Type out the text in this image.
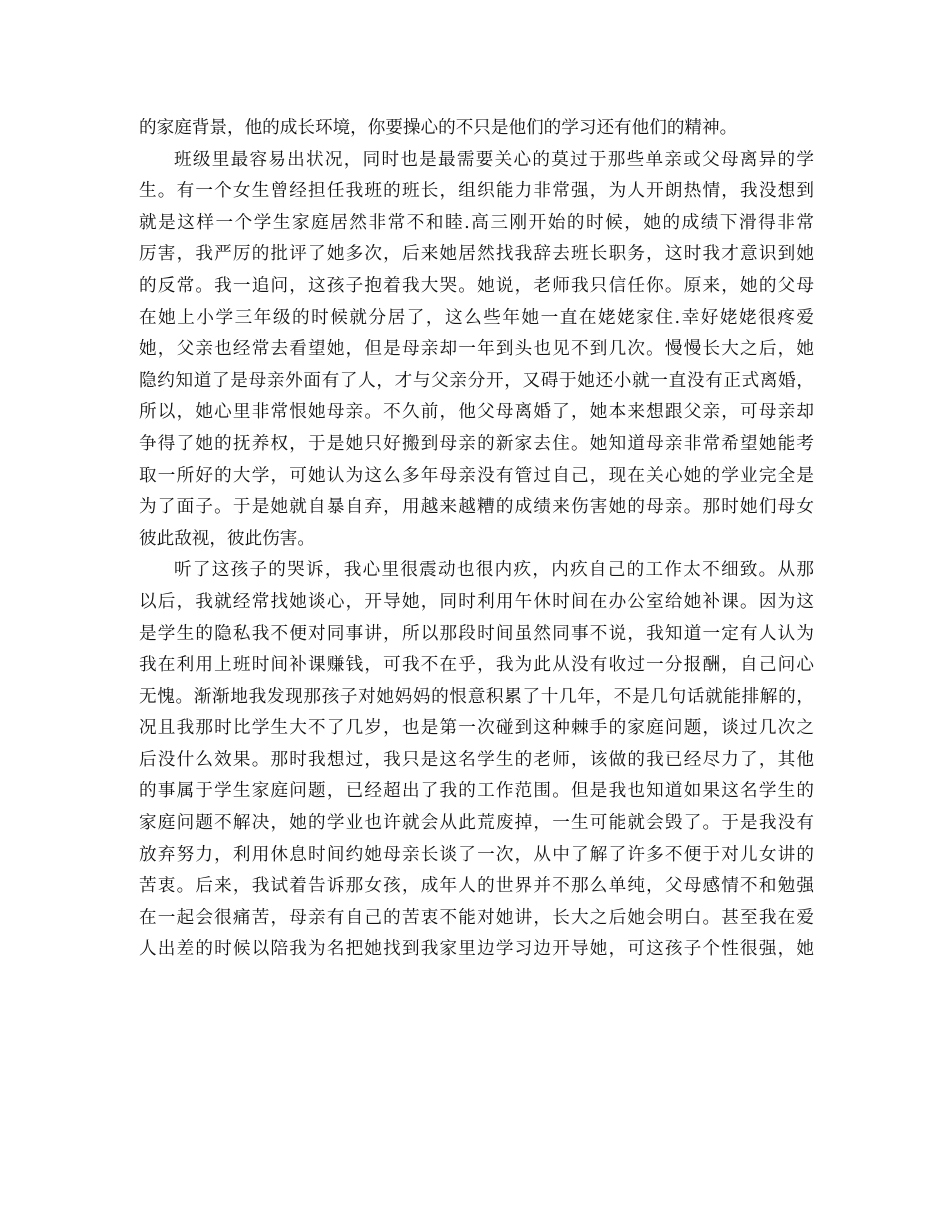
的家庭背景，他的成长环境，你要操心的不只是他们的学习还有他们的精神。
班级里最容易出状况，同时也是最需要关心的莫过于那些单亲或父母离异的学
生。有一个女生曾经担任我班的班长，组织能力非常强，为人开朗热情，我没想到
就是这样一个学生家庭居然非常不和睦.高三刚开始的时候，她的成绩下滑得非常
厉害，我严厉的批评了她多次，后来她居然找我辞去班长职务，这时我才意识到她
的反常。我一追问，这孩子抱着我大哭。她说，老师我只信任你。原来，她的父母
在她上小学三年级的时候就分居了，这么些年她一直在姥姥家住.幸好姥姥很疼爱
她，父亲也经常去看望她，但是母亲却一年到头也见不到几次。慢慢长大之后，她
隐约知道了是母亲外面有了人，才与父亲分开，又碍于她还小就一直没有正式离婚，
所以，她心里非常恨她母亲。不久前，他父母离婚了，她本来想跟父亲，可母亲却
争得了她的抚养权，于是她只好搬到母亲的新家去住。她知道母亲非常希望她能考
取一所好的大学，可她认为这么多年母亲没有管过自己，现在关心她的学业完全是
为了面子。于是她就自暴自弃，用越来越糟的成绩来伤害她的母亲。那时她们母女
彼此敌视，彼此伤害。
听了这孩子的哭诉，我心里很震动也很内疚，内疚自己的工作太不细致。从那
以后，我就经常找她谈心，开导她，同时利用午休时间在办公室给她补课。因为这
是学生的隐私我不便对同事讲，所以那段时间虽然同事不说，我知道一定有人认为
我在利用上班时间补课赚钱，可我不在乎，我为此从没有收过一分报酬，自己问心
无愧。渐渐地我发现那孩子对她妈妈的恨意积累了十几年，不是几句话就能排解的，
况且我那时比学生大不了几岁，也是第一次碰到这种棘手的家庭问题，谈过几次之
后没什么效果。那时我想过，我只是这名学生的老师，该做的我已经尽力了，其他
的事属于学生家庭问题，已经超出了我的工作范围。但是我也知道如果这名学生的
家庭问题不解决，她的学业也许就会从此荒废掉，一生可能就会毁了。于是我没有
放弃努力，利用休息时间约她母亲长谈了一次，从中了解了许多不便于对儿女讲的
苦衷。后来，我试着告诉那女孩，成年人的世界并不那么单纯，父母感情不和勉强
在一起会很痛苦，母亲有自己的苦衷不能对她讲，长大之后她会明白。甚至我在爱
人出差的时候以陪我为名把她找到我家里边学习边开导她，可这孩子个性很强，她
